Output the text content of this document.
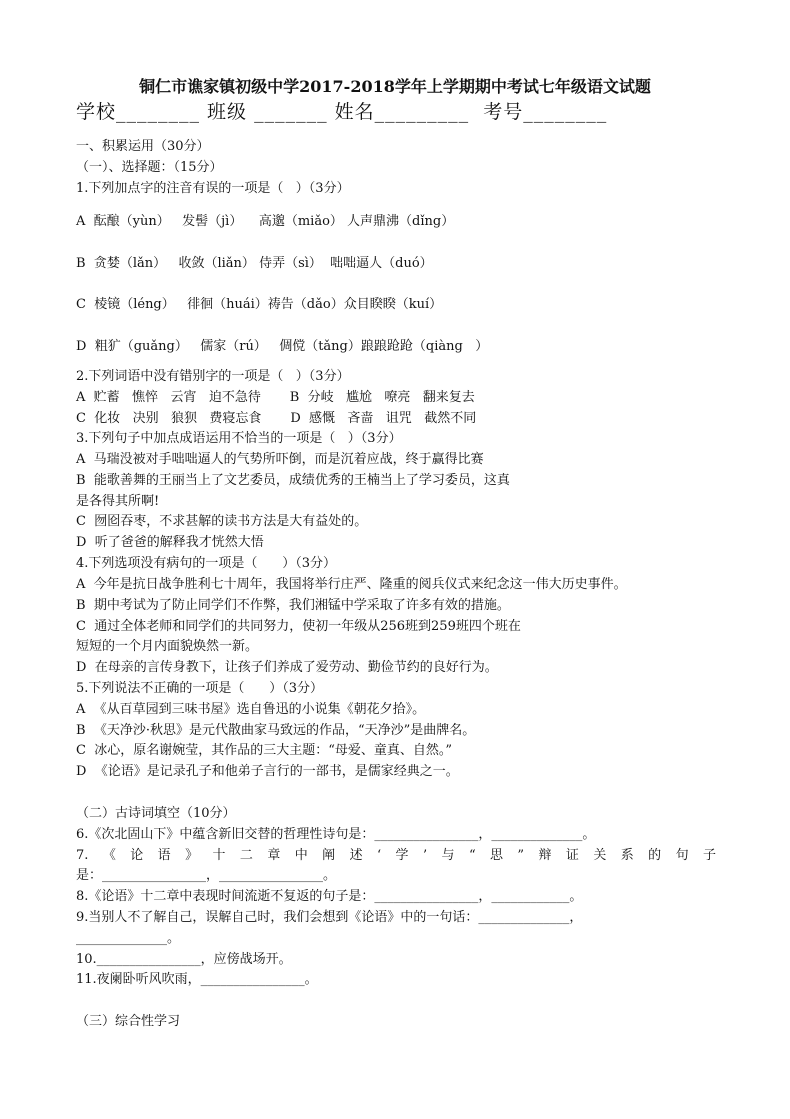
铜仁市谯家镇初级中学2017-2018学年上学期期中考试七年级语文试题
学校________ 班级 _______ 姓名_________  考号________
一、积累运用（30分）
（一）、选择题：（15分）
1.下列加点字的注音有误的一项是（   ）（3分）
A  酝酿（yùn）   发髻（jì）    高邈（miǎo） 人声鼎沸（dǐng）
B  贪婪（lǎn）   收敛（liǎn） 侍弄（sì）  咄咄逼人（duó）
C  棱镜（léng）   徘徊（huái）祷告（dǎo）众目睽睽（kuí）
D  粗犷（guǎng）   儒家（rú）   倜傥（tǎng）踉踉跄跄（qiàng   ）
2.下列词语中没有错别字的一项是（   ）（3分）
A  贮蓄   憔悴   云宵   迫不急待       B  分岐   尴尬   嘹亮   翻来复去
C  化妆   决别   狼狈   费寝忘食       D  感慨   吝啬   诅咒   截然不同
3.下列句子中加点成语运用不恰当的一项是（   ）（3分）
A  马瑞没被对手咄咄逼人的气势所吓倒，而是沉着应战，终于赢得比赛
B  能歌善舞的王丽当上了文艺委员，成绩优秀的王楠当上了学习委员，这真
是各得其所啊!
C  囫囵吞枣，不求甚解的读书方法是大有益处的。
D  听了爸爸的解释我才恍然大悟
4.下列选项没有病句的一项是（      ）（3分）
A  今年是抗日战争胜利七十周年，我国将举行庄严、隆重的阅兵仪式来纪念这一伟大历史事件。
B  期中考试为了防止同学们不作弊，我们湘锰中学采取了许多有效的措施。
C  通过全体老师和同学们的共同努力，使初一年级从256班到259班四个班在
短短的一个月内面貌焕然一新。
D  在母亲的言传身教下，让孩子们养成了爱劳动、勤俭节约的良好行为。
5.下列说法不正确的一项是（      ）（3分）
A  《从百草园到三味书屋》选自鲁迅的小说集《朝花夕拾》。
B  《天净沙·秋思》是元代散曲家马致远的作品，“天净沙”是曲牌名。
C  冰心，原名谢婉莹，其作品的三大主题：“母爱、童真、自然。”
D  《论语》是记录孔子和他弟子言行的一部书，是儒家经典之一。
（二）古诗词填空（10分）
6.《次北固山下》中蕴含新旧交替的哲理性诗句是：________________，______________。
7.《论语》十二章中阐述‘学’与“思”辩证关系的句子
是：________________，________________。
8.《论语》十二章中表现时间流逝不复返的句子是：________________，____________。
9.当别人不了解自己，误解自己时，我们会想到《论语》中的一句话：______________，
______________。
10.________________，应傍战场开。
11.夜阑卧听风吹雨，________________。
（三）综合性学习
